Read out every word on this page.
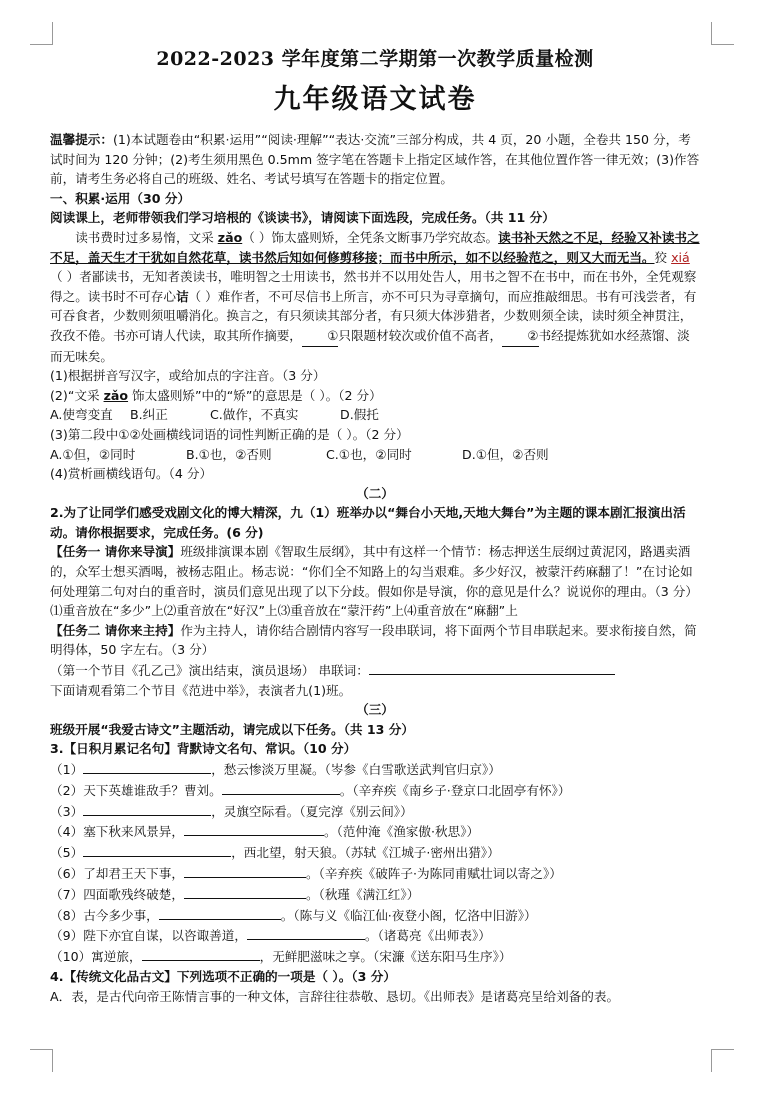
2022-2023 学年度第二学期第一次教学质量检测
九年级语文试卷

温馨提示：(1)本试题卷由“积累·运用”“阅读·理解”“表达·交流”三部分构成，共 4 页，20 小题，全卷共 150 分，考试时间为 120 分钟；(2)考生须用黑色 0.5mm 签字笔在答题卡上指定区域作答，在其他位置作答一律无效；(3)作答前，请考生务必将自己的班级、姓名、考试号填写在答题卡的指定位置。

一、积累·运用（30 分）

阅读课上，老师带领我们学习培根的《谈读书》，请阅读下面选段，完成任务。（共 11 分）

读书费时过多易惰，文采 zǎo（ ）饰太盛则矫，全凭条文断事乃学究故态。读书补天然之不足，经验又补读书之不足，盖天生才干犹如自然花草，读书然后知如何修剪移接；而书中所示，如不以经验范之，则又大而无当。狡 xiá（ ）者鄙读书，无知者羡读书，唯明智之士用读书，然书并不以用处告人，用书之智不在书中，而在书外，全凭观察得之。读书时不可存心诘（ ）难作者，不可尽信书上所言，亦不可只为寻章摘句，而应推敲细思。书有可浅尝者，有可吞食者，少数则须咀嚼消化。换言之，有只须读其部分者，有只须大体涉猎者，少数则须全读，读时须全神贯注，孜孜不倦。书亦可请人代读，取其所作摘要， ①只限题材较次或价值不高者， ②书经提炼犹如水经蒸馏、淡而无味矣。

(1)根据拼音写汉字，或给加点的字注音。（3 分）

(2)“文采 zǎo 饰太盛则矫”中的“矫”的意思是（ ）。（2 分）

A.使弯变直	B.纠正	C.做作，不真实	D.假托

(3)第二段中①②处画横线词语的词性判断正确的是（ ）。（2 分）

A.①但，②同时	B.①也，②否则	C.①也，②同时	D.①但，②否则

(4)赏析画横线语句。（4 分）

（二）

2.为了让同学们感受戏剧文化的博大精深，九（1）班举办以“舞台小天地,天地大舞台”为主题的课本剧汇报演出活动。请你根据要求，完成任务。(6 分)

【任务一 请你来导演】班级排演课本剧《智取生辰纲》，其中有这样一个情节：杨志押送生辰纲过黄泥冈，路遇卖酒的，众军士想买酒喝，被杨志阻止。杨志说：“你们全不知路上的勾当艰难。多少好汉，被蒙汗药麻翻了！”在讨论如何处理第二句对白的重音时，演员们意见出现了以下分歧。假如你是导演，你的意见是什么？说说你的理由。（3 分）

⑴重音放在“多少”上⑵重音放在“好汉”上⑶重音放在“蒙汗药”上⑷重音放在“麻翻”上

【任务二 请你来主持】作为主持人，请你结合剧情内容写一段串联词，将下面两个节目串联起来。要求衔接自然，简明得体，50 字左右。（3 分）

（第一个节目《孔乙己》演出结束，演员退场） 串联词：

下面请观看第二个节目《范进中举》，表演者九(1)班。

（三）

班级开展“我爱古诗文”主题活动，请完成以下任务。（共 13 分）

3.【日积月累记名句】背默诗文名句、常识。（10 分）

（1）	，愁云惨淡万里凝。（岑参《白雪歌送武判官归京》）
（2）天下英雄谁敌手？曹刘。	。（辛弃疾《南乡子·登京口北固亭有怀》）
（3）	，灵旗空际看。（夏完淳《别云间》）
（4）塞下秋来风景异，	。（范仲淹《渔家傲·秋思》）
（5）	，西北望，射天狼。（苏轼《江城子·密州出猎》）
（6）了却君王天下事，	。（辛弃疾《破阵子·为陈同甫赋壮词以寄之》）
（7）四面歌残终破楚，	。（秋瑾《满江红》）
（8）古今多少事，	。（陈与义《临江仙·夜登小阁，忆洛中旧游》）
（9）陛下亦宜自谋，以咨诹善道，	。（诸葛亮《出师表》）
（10）寓逆旅，	，无鲜肥滋味之享。（宋濂《送东阳马生序》）

4.【传统文化品古文】下列选项不正确的一项是（ ）。（3 分）

A．表，是古代向帝王陈情言事的一种文体，言辞往往恭敬、恳切。《出师表》是诸葛亮呈给刘备的表。
